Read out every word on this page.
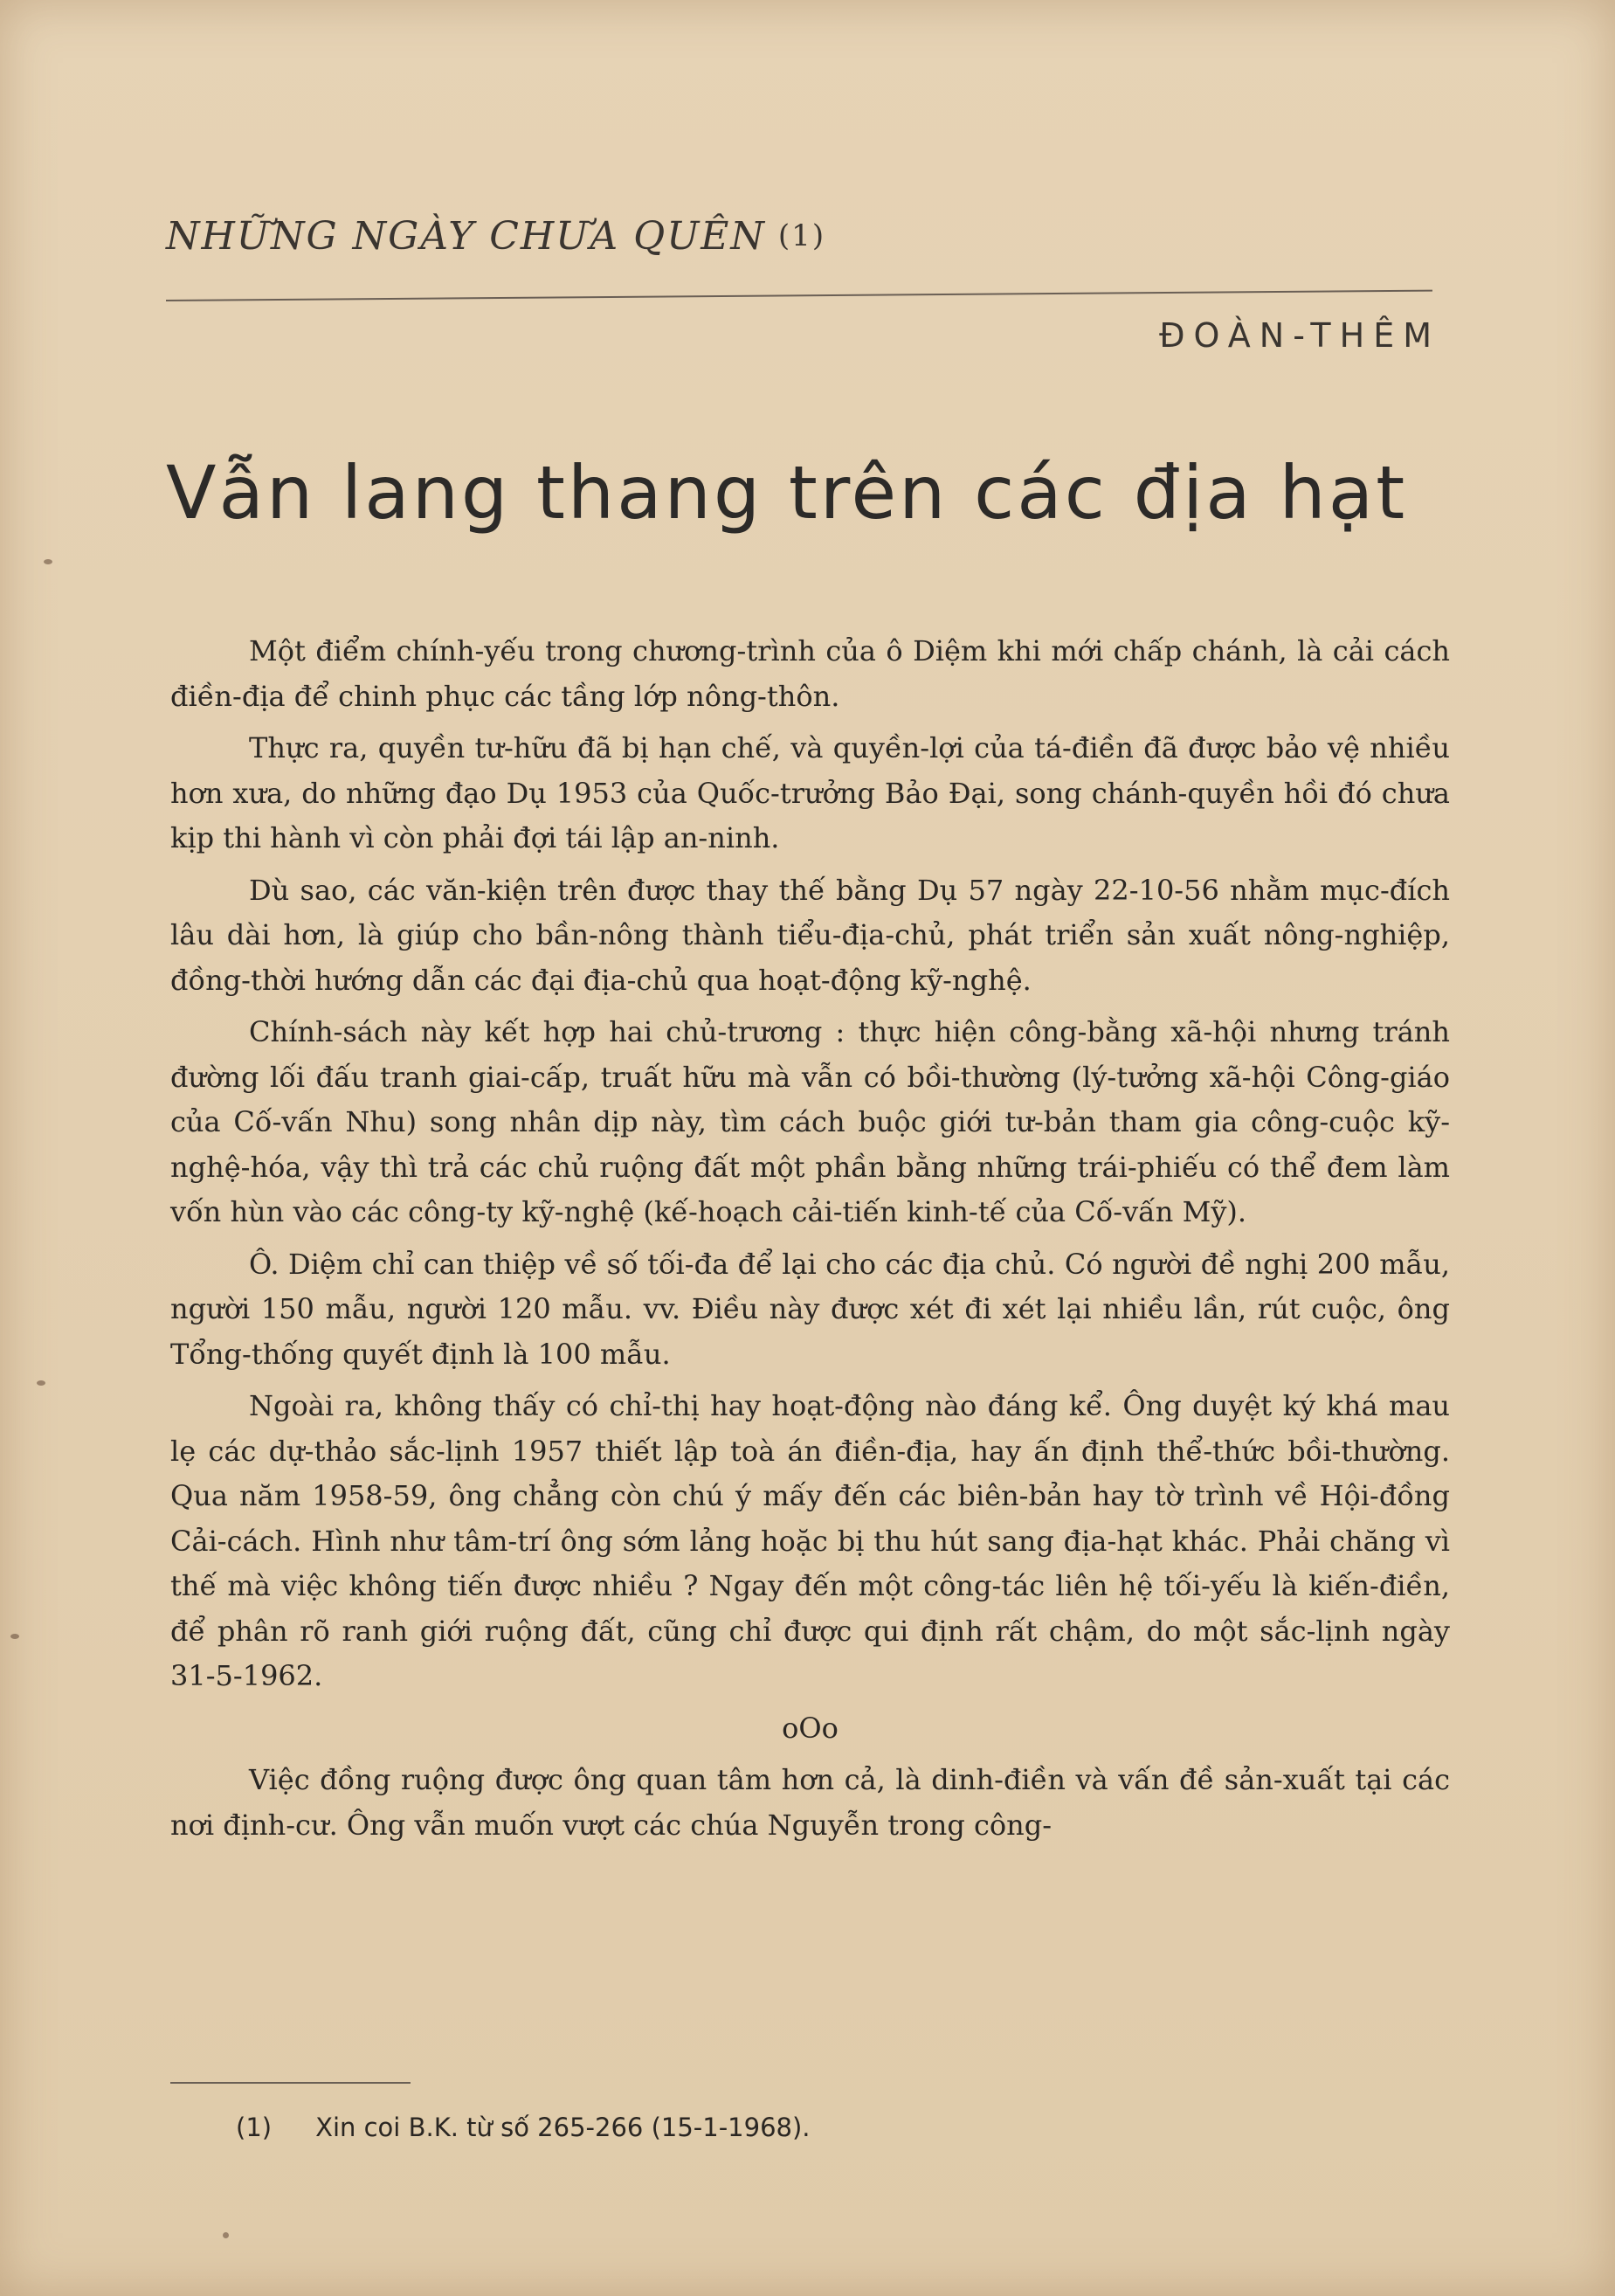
NHỮNG NGÀY CHƯA QUÊN (1)
ĐOÀN-THÊM
Vẫn lang thang trên các địa hạt

Một điểm chính-yếu trong chương-trình của ô Diệm khi mới chấp chánh, là cải cách điền-địa để chinh phục các tầng lớp nông-thôn.

Thực ra, quyền tư-hữu đã bị hạn chế, và quyền-lợi của tá-điền đã được bảo vệ nhiều hơn xưa, do những đạo Dụ 1953 của Quốc-trưởng Bảo Đại, song chánh-quyền hồi đó chưa kịp thi hành vì còn phải đợi tái lập an-ninh.

Dù sao, các văn-kiện trên được thay thế bằng Dụ 57 ngày 22-10-56 nhằm mục-đích lâu dài hơn, là giúp cho bần-nông thành tiểu-địa-chủ, phát triển sản xuất nông-nghiệp, đồng-thời hướng dẫn các đại địa-chủ qua hoạt-động kỹ-nghệ.

Chính-sách này kết hợp hai chủ-trương : thực hiện công-bằng xã-hội nhưng tránh đường lối đấu tranh giai-cấp, truất hữu mà vẫn có bồi-thường (lý-tưởng xã-hội Công-giáo của Cố-vấn Nhu) song nhân dịp này, tìm cách buộc giới tư-bản tham gia công-cuộc kỹ-nghệ-hóa, vậy thì trả các chủ ruộng đất một phần bằng những trái-phiếu có thể đem làm vốn hùn vào các công-ty kỹ-nghệ (kế-hoạch cải-tiến kinh-tế của Cố-vấn Mỹ).

Ô. Diệm chỉ can thiệp về số tối-đa để lại cho các địa chủ. Có người đề nghị 200 mẫu, người 150 mẫu, người 120 mẫu. vv. Điều này được xét đi xét lại nhiều lần, rút cuộc, ông Tổng-thống quyết định là 100 mẫu.

Ngoài ra, không thấy có chỉ-thị hay hoạt-động nào đáng kể. Ông duyệt ký khá mau lẹ các dự-thảo sắc-lịnh 1957 thiết lập toà án điền-địa, hay ấn định thể-thức bồi-thường. Qua năm 1958-59, ông chẳng còn chú ý mấy đến các biên-bản hay tờ trình về Hội-đồng Cải-cách. Hình như tâm-trí ông sớm lảng hoặc bị thu hút sang địa-hạt khác. Phải chăng vì thế mà việc không tiến được nhiều ? Ngay đến một công-tác liên hệ tối-yếu là kiến-điền, để phân rõ ranh giới ruộng đất, cũng chỉ được qui định rất chậm, do một sắc-lịnh ngày 31-5-1962.

oOo

Việc đồng ruộng được ông quan tâm hơn cả, là dinh-điền và vấn đề sản-xuất tại các nơi định-cư. Ông vẫn muốn vượt các chúa Nguyễn trong công-

(1) Xin coi B.K. từ số 265-266 (15-1-1968).
